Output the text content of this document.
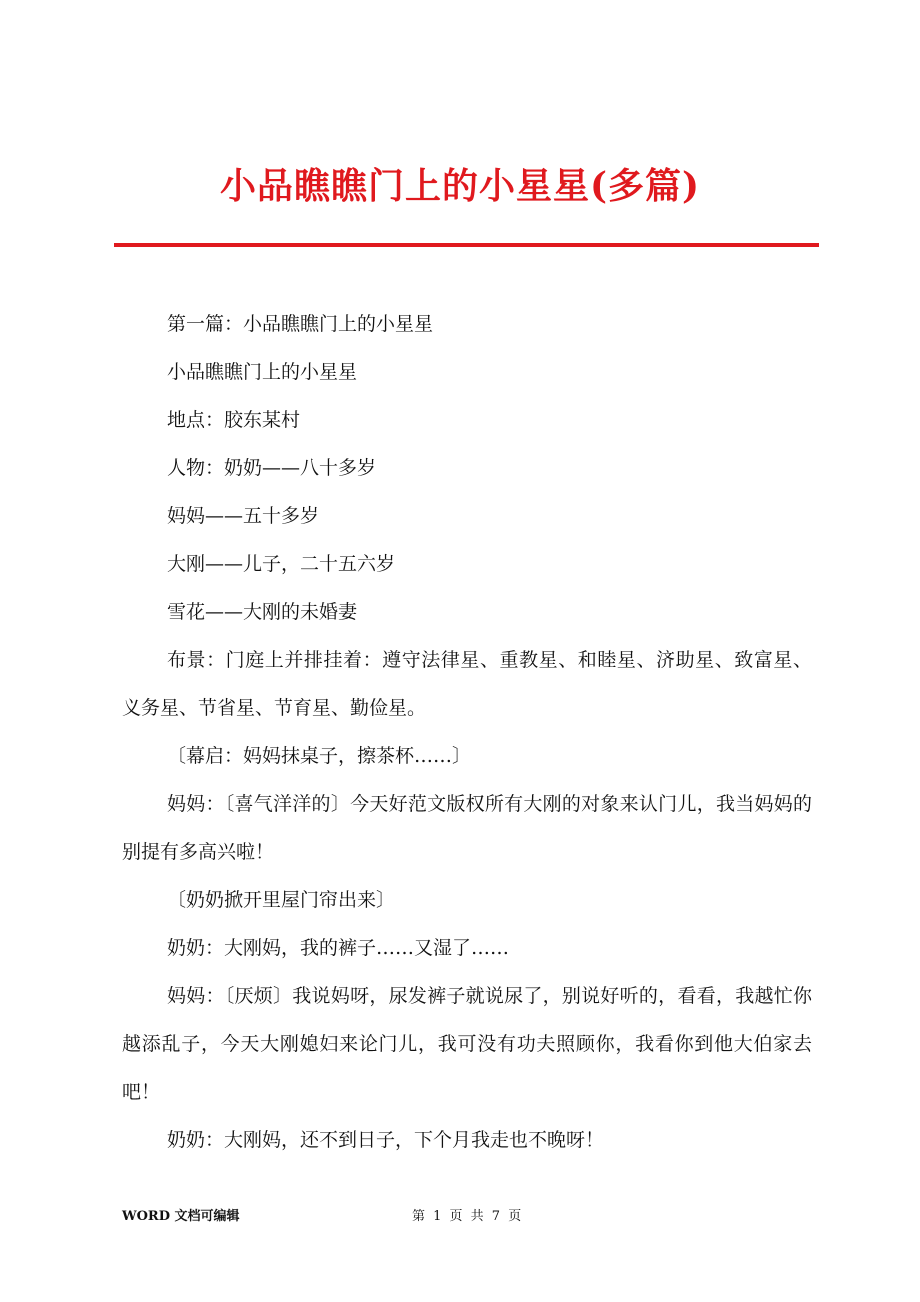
小品瞧瞧门上的小星星(多篇)

第一篇：小品瞧瞧门上的小星星

小品瞧瞧门上的小星星

地点：胶东某村

人物：奶奶——八十多岁

妈妈——五十多岁

大刚——儿子，二十五六岁

雪花——大刚的未婚妻

布景：门庭上并排挂着：遵守法律星、重教星、和睦星、济助星、致富星、义务星、节省星、节育星、勤俭星。

〔幕启：妈妈抹桌子，擦茶杯……〕

妈妈：〔喜气洋洋的〕今天好范文版权所有大刚的对象来认门儿，我当妈妈的别提有多高兴啦！

〔奶奶掀开里屋门帘出来〕

奶奶：大刚妈，我的裤子……又湿了……

妈妈：〔厌烦〕我说妈呀，尿发裤子就说尿了，别说好听的，看看，我越忙你越添乱子，今天大刚媳妇来论门儿，我可没有功夫照顾你，我看你到他大伯家去吧！

奶奶：大刚妈，还不到日子，下个月我走也不晚呀！

WORD 文档可编辑	第 1 页 共 7 页
